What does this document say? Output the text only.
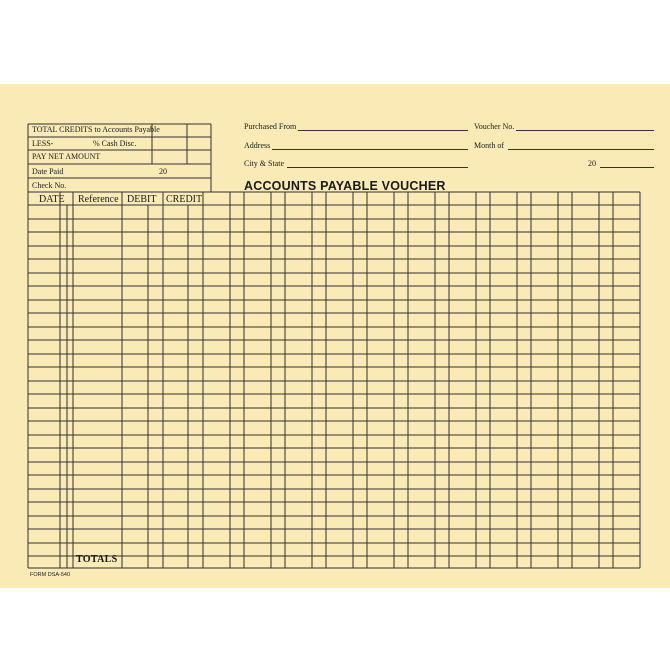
TOTAL CREDITS to Accounts Payable
LESS-	% Cash Disc.
PAY NET AMOUNT
Date Paid	20
Check No.
Purchased From	Voucher No.
Address	Month of
City & State	20
ACCOUNTS PAYABLE VOUCHER
DATE Reference DEBIT CREDIT
TOTALS
FORM DSA-540
